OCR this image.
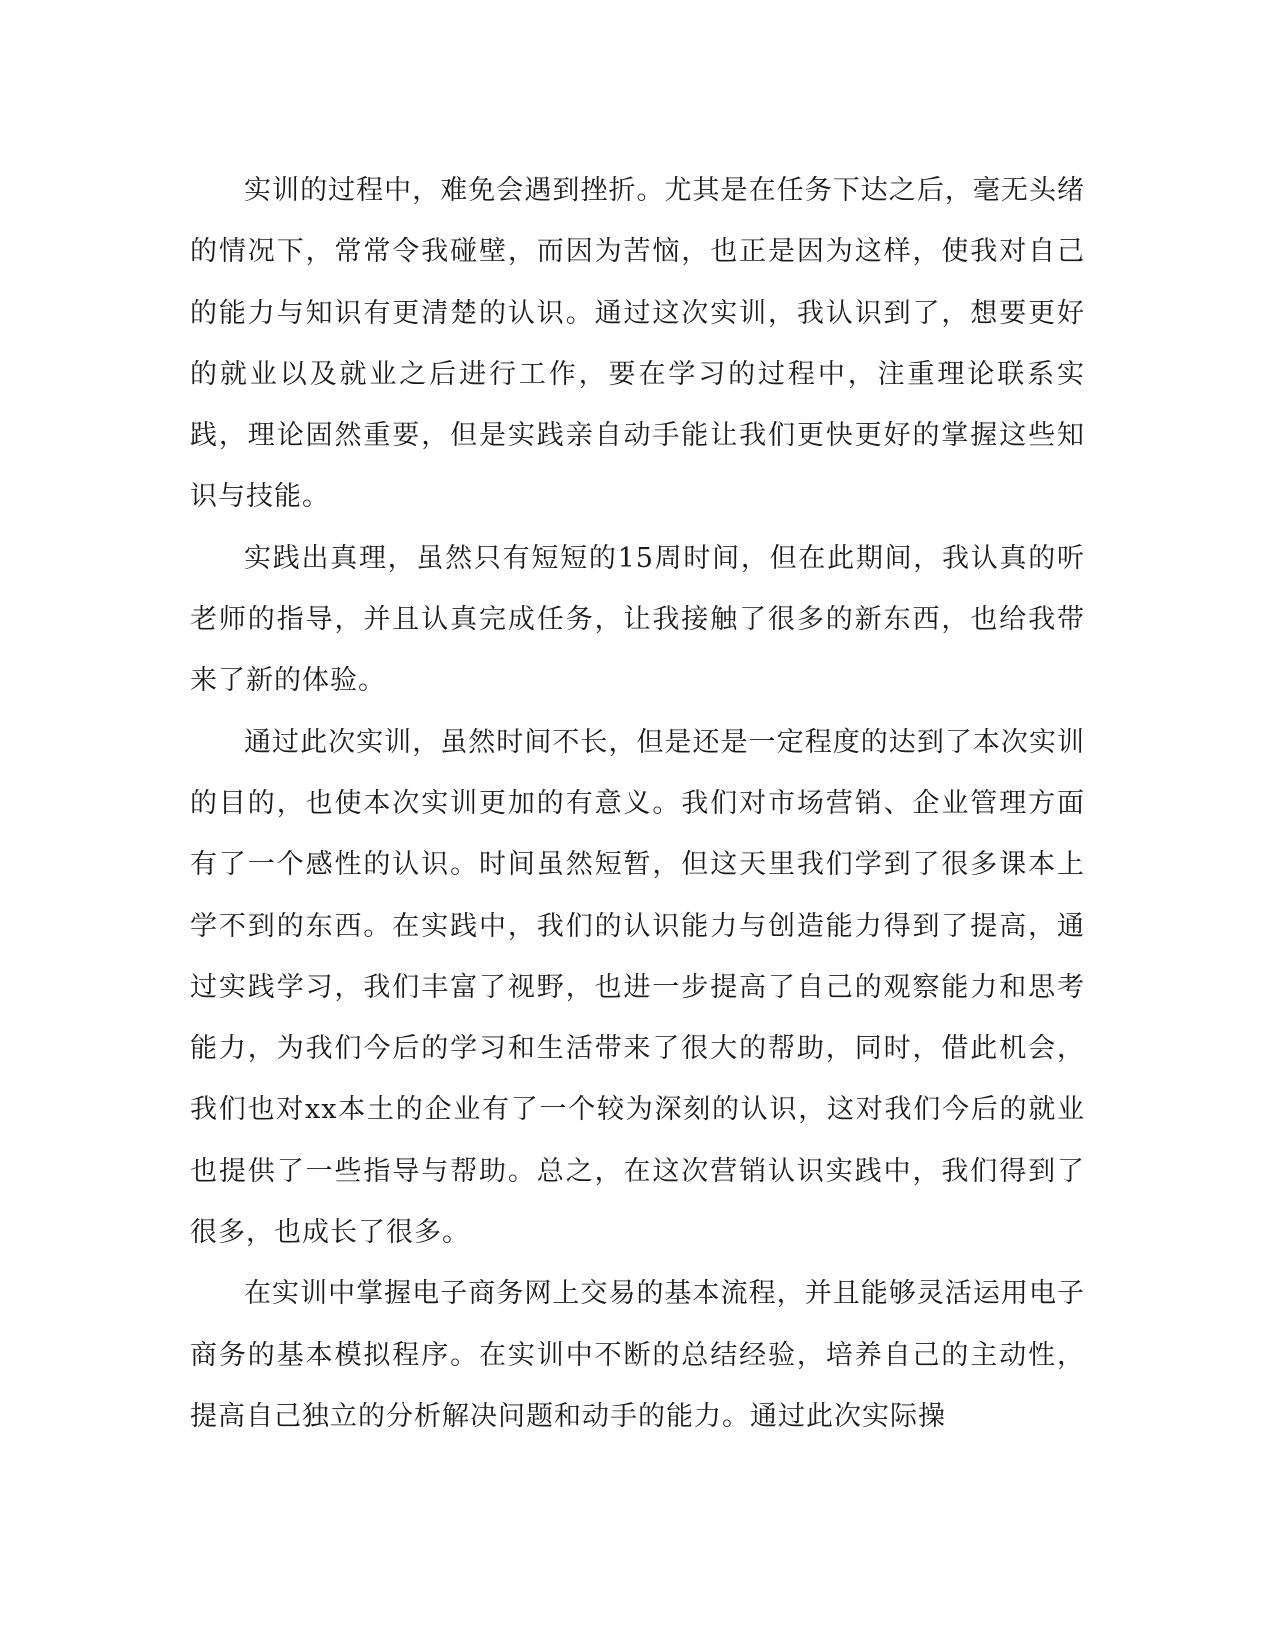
实训的过程中，难免会遇到挫折。尤其是在任务下达之后，毫无头绪的情况下，常常令我碰壁，而因为苦恼，也正是因为这样，使我对自己的能力与知识有更清楚的认识。通过这次实训，我认识到了，想要更好的就业以及就业之后进行工作，要在学习的过程中，注重理论联系实践，理论固然重要，但是实践亲自动手能让我们更快更好的掌握这些知识与技能。

实践出真理，虽然只有短短的15周时间，但在此期间，我认真的听老师的指导，并且认真完成任务，让我接触了很多的新东西，也给我带来了新的体验。

通过此次实训，虽然时间不长，但是还是一定程度的达到了本次实训的目的，也使本次实训更加的有意义。我们对市场营销、企业管理方面有了一个感性的认识。时间虽然短暂，但这天里我们学到了很多课本上学不到的东西。在实践中，我们的认识能力与创造能力得到了提高，通过实践学习，我们丰富了视野，也进一步提高了自己的观察能力和思考能力，为我们今后的学习和生活带来了很大的帮助，同时，借此机会，我们也对xx本土的企业有了一个较为深刻的认识，这对我们今后的就业也提供了一些指导与帮助。总之，在这次营销认识实践中，我们得到了很多，也成长了很多。

在实训中掌握电子商务网上交易的基本流程，并且能够灵活运用电子商务的基本模拟程序。在实训中不断的总结经验，培养自己的主动性，提高自己独立的分析解决问题和动手的能力。通过此次实际操
